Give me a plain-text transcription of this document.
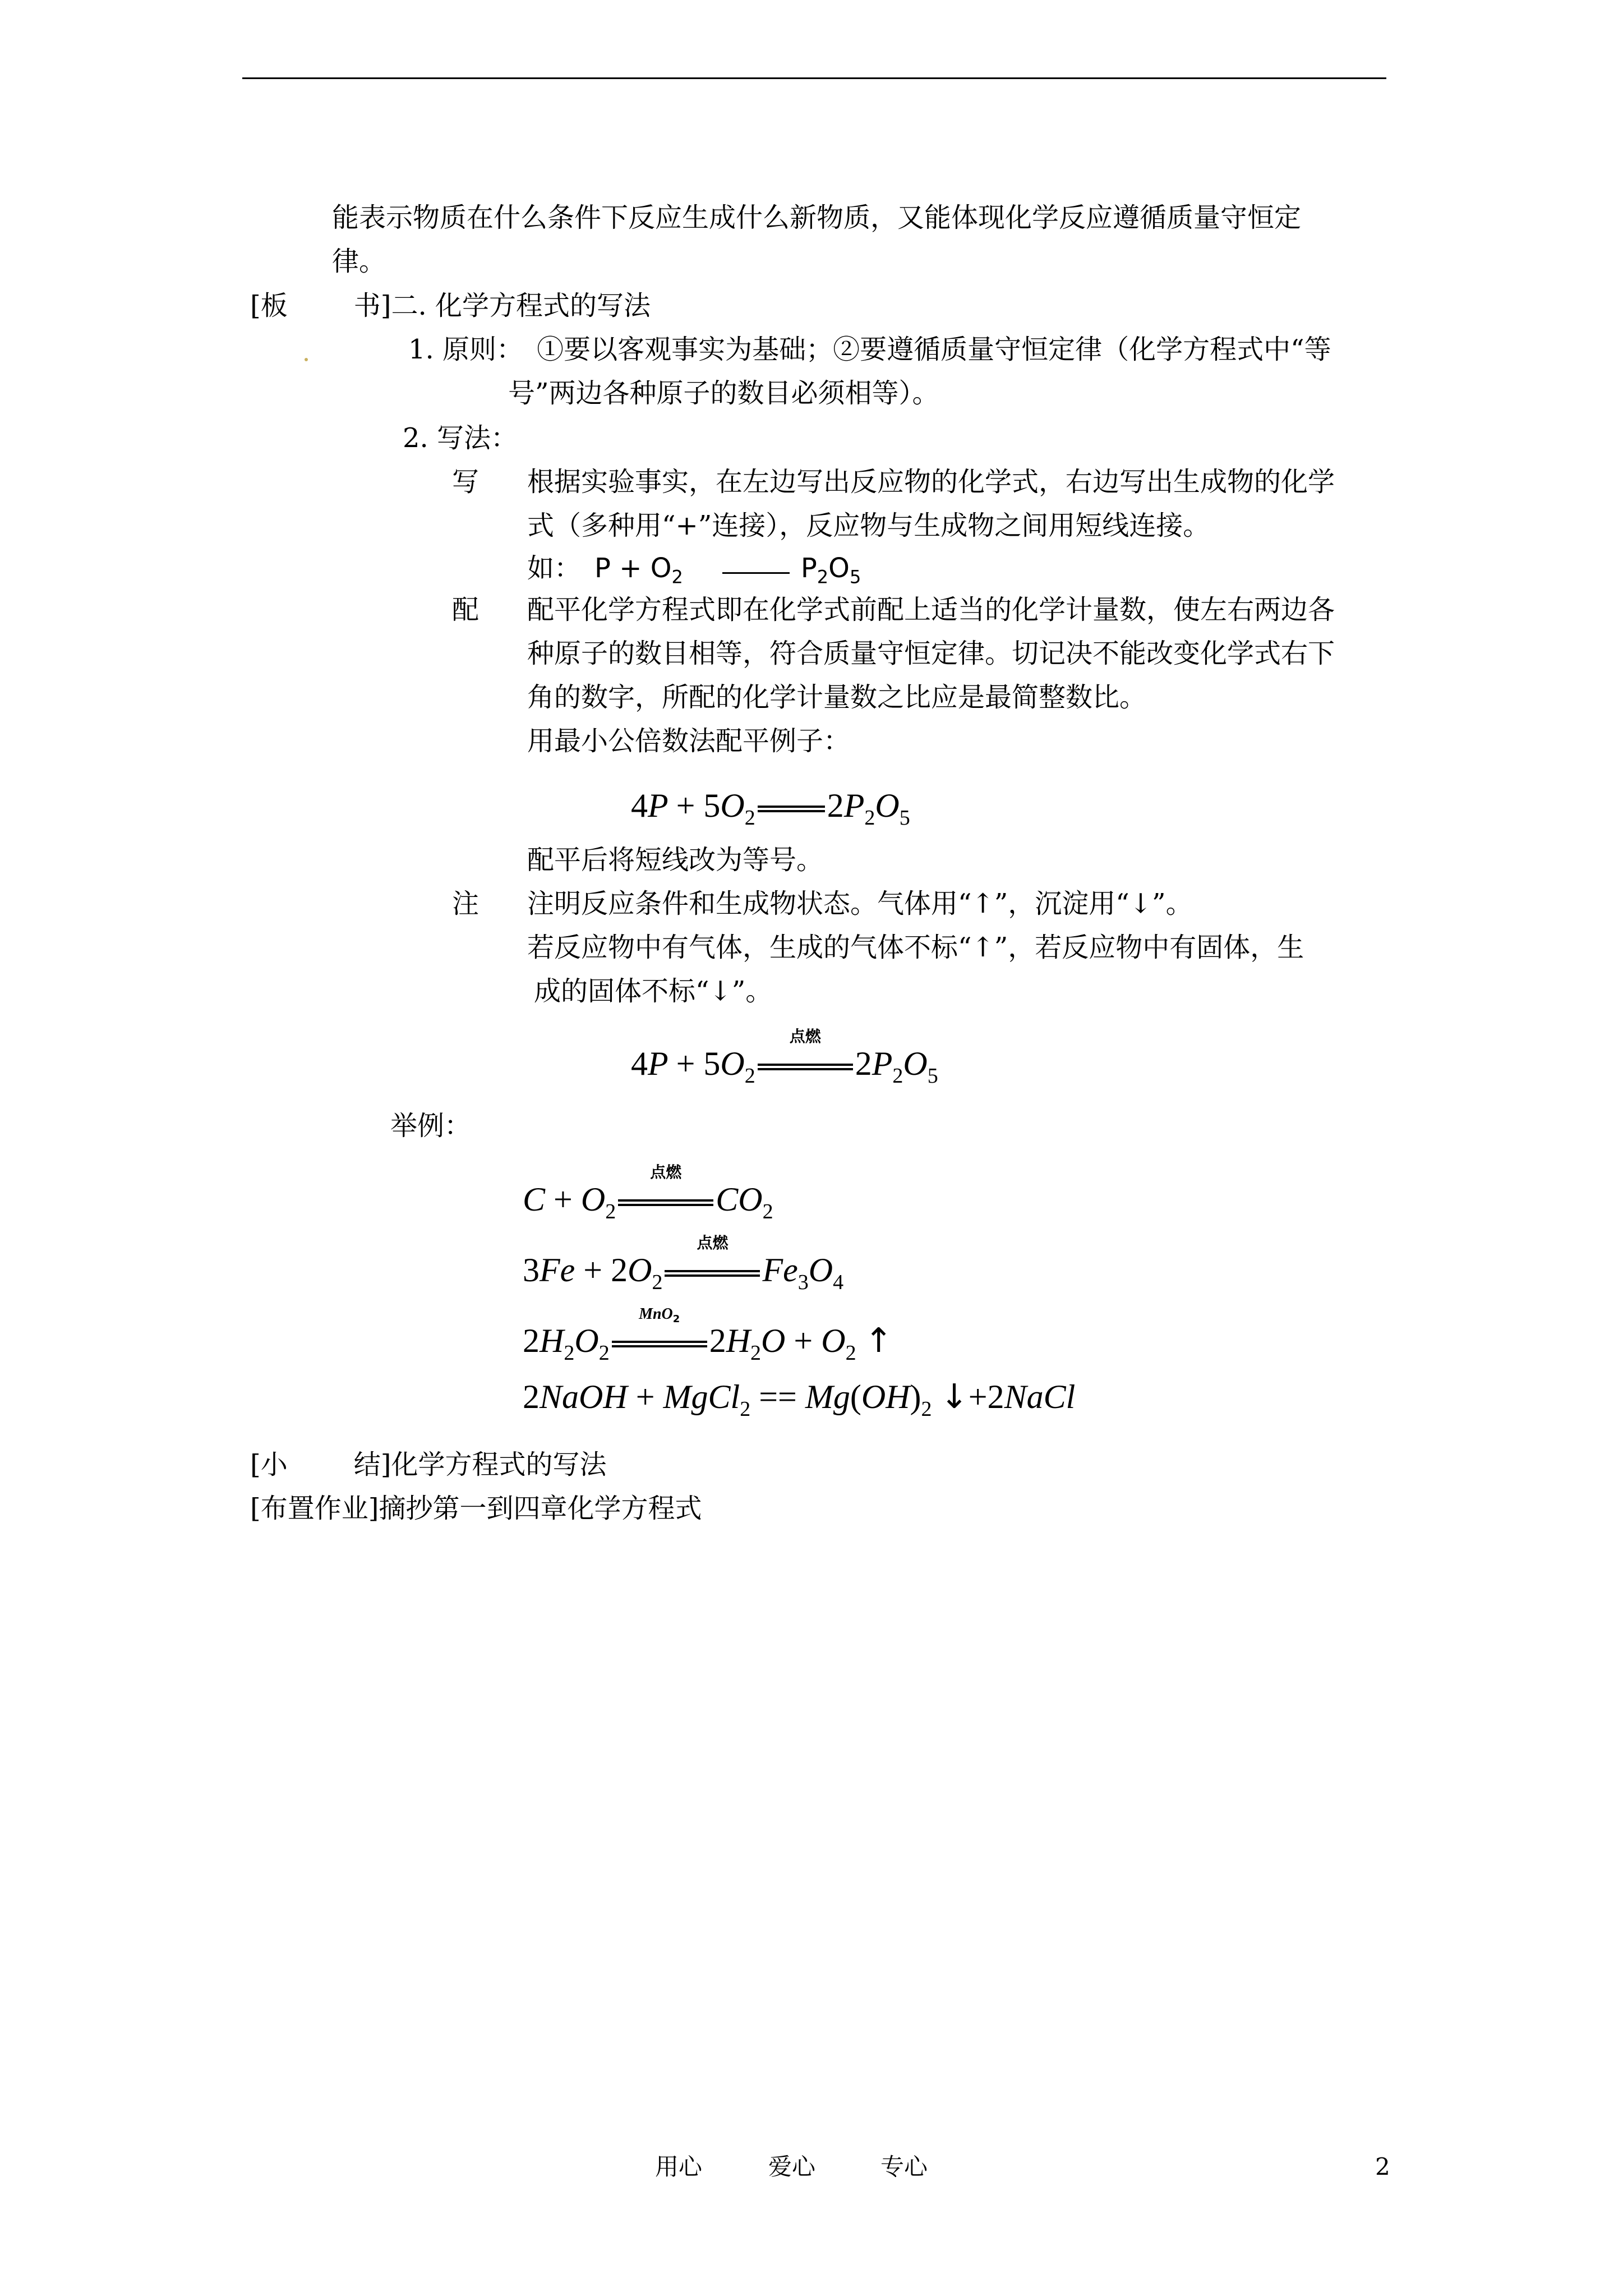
能表示物质在什么条件下反应生成什么新物质，又能体现化学反应遵循质量守恒定
律。
[板 书]二. 化学方程式的写法
1. 原则： ①要以客观事实为基础；②要遵循质量守恒定律（化学方程式中“等
号”两边各种原子的数目必须相等）。
2. 写法：
写 根据实验事实，在左边写出反应物的化学式，右边写出生成物的化学
式（多种用“+”连接），反应物与生成物之间用短线连接。
如： $P + O_2$	$P_2O_5$
配 配平化学方程式即在化学式前配上适当的化学计量数，使左右两边各
种原子的数目相等，符合质量守恒定律。切记决不能改变化学式右下
角的数字，所配的化学计量数之比应是最简整数比。
用最小公倍数法配平例子：
$4P + 5O_2$ $2P_2O_5$
配平后将短线改为等号。
注 注明反应条件和生成物状态。气体用“↑”，沉淀用“↓”。
若反应物中有气体，生成的气体不标“↑”，若反应物中有固体，生
成的固体不标“↓”。
$4P + 5O_2$
点燃
$2P_2O_5$
举例：
$C + O_2$
点燃
$CO_2$
$3Fe + 2O_2$
点燃
$Fe_3O_4$
$2H_2O_2$
MnO$_2$
$2H_2O + O_2$ ↑
2NaOH + MgCl$_2$ == $Mg(OH)_2$ ↓+2NaCl
[小 结]化学方程式的写法
[布置作业]摘抄第一到四章化学方程式
用心	爱心	专心	2
